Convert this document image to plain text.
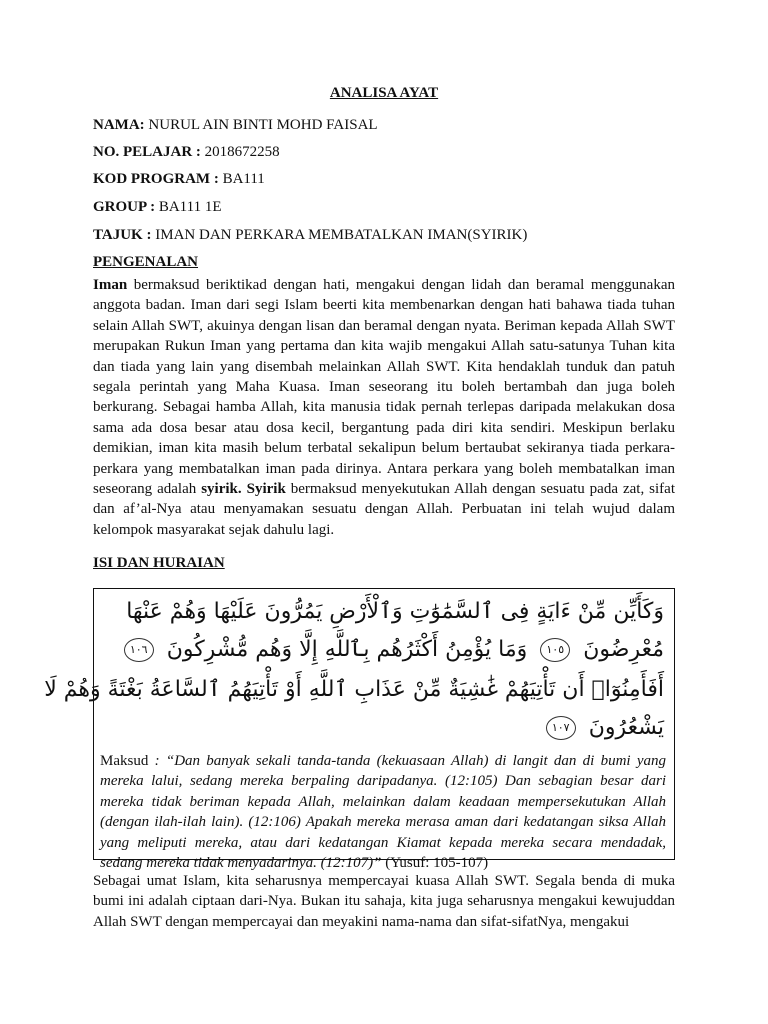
ANALISA AYAT
NAMA: NURUL AIN BINTI MOHD FAISAL
NO. PELAJAR : 2018672258
KOD PROGRAM : BA111
GROUP : BA111 1E
TAJUK : IMAN DAN PERKARA MEMBATALKAN IMAN(SYIRIK)
PENGENALAN
Iman bermaksud beriktikad dengan hati, mengakui dengan lidah dan beramal menggunakan anggota badan. Iman dari segi Islam beerti kita membenarkan dengan hati bahawa tiada tuhan selain Allah SWT, akuinya dengan lisan dan beramal dengan nyata. Beriman kepada Allah SWT merupakan Rukun Iman yang pertama dan kita wajib mengakui Allah satu-satunya Tuhan kita dan tiada yang lain yang disembah melainkan Allah SWT. Kita hendaklah tunduk dan patuh segala perintah yang Maha Kuasa. Iman seseorang itu boleh bertambah dan juga boleh berkurang. Sebagai hamba Allah, kita manusia tidak pernah terlepas daripada melakukan dosa sama ada dosa besar atau dosa kecil, bergantung pada diri kita sendiri. Meskipun berlaku demikian, iman kita masih belum terbatal sekalipun belum bertaubat sekiranya tiada perkara-perkara yang membatalkan iman pada dirinya. Antara perkara yang boleh membatalkan iman seseorang adalah syirik. Syirik bermaksud menyekutukan Allah dengan sesuatu pada zat, sifat dan af’al-Nya atau menyamakan sesuatu dengan Allah. Perbuatan ini telah wujud dalam kelompok masyarakat sejak dahulu lagi.
ISI DAN HURAIAN
وَكَأَيِّن مِّنْ ءَايَةٍ فِى ٱلسَّمَٰوَٰتِ وَٱلْأَرْضِ يَمُرُّونَ عَلَيْهَا وَهُمْ عَنْهَا
مُعْرِضُونَ ١٠٥ وَمَا يُؤْمِنُ أَكْثَرُهُم بِٱللَّهِ إِلَّا وَهُم مُّشْرِكُونَ ١٠٦
أَفَأَمِنُوٓا۟ أَن تَأْتِيَهُمْ غَٰشِيَةٌ مِّنْ عَذَابِ ٱللَّهِ أَوْ تَأْتِيَهُمُ ٱلسَّاعَةُ بَغْتَةً وَهُمْ لَا
يَشْعُرُونَ ١٠٧
Maksud : “Dan banyak sekali tanda-tanda (kekuasaan Allah) di langit dan di bumi yang mereka lalui, sedang mereka berpaling daripadanya. (12:105) Dan sebagian besar dari mereka tidak beriman kepada Allah, melainkan dalam keadaan mempersekutukan Allah (dengan ilah-ilah lain). (12:106) Apakah mereka merasa aman dari kedatangan siksa Allah yang meliputi mereka, atau dari kedatangan Kiamat kepada mereka secara mendadak, sedang mereka tidak menyadarinya. (12:107)” (Yusuf: 105-107)
Sebagai umat Islam, kita seharusnya mempercayai kuasa Allah SWT. Segala benda di muka bumi ini adalah ciptaan dari-Nya. Bukan itu sahaja, kita juga seharusnya mengakui kewujuddan Allah SWT dengan mempercayai dan meyakini nama-nama dan sifat-sifatNya, mengakui
